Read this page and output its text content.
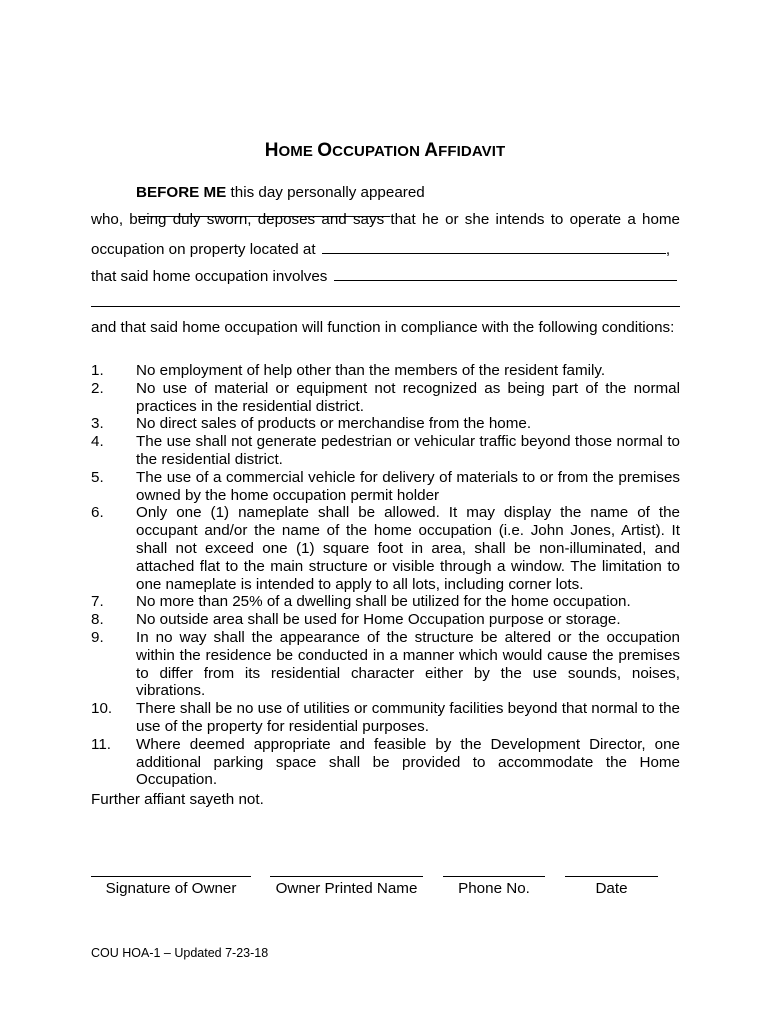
HOME OCCUPATION AFFIDAVIT
BEFORE ME this day personally appeared
who, being duly sworn, deposes and says that he or she intends to operate a home
occupation on property located at	,
that said home occupation involves
and that said home occupation will function in compliance with the following conditions:
1. No employment of help other than the members of the resident family.
2. No use of material or equipment not recognized as being part of the normal practices in the residential district.
3. No direct sales of products or merchandise from the home.
4. The use shall not generate pedestrian or vehicular traffic beyond those normal to the residential district.
5. The use of a commercial vehicle for delivery of materials to or from the premises owned by the home occupation permit holder
6. Only one (1) nameplate shall be allowed. It may display the name of the occupant and/or the name of the home occupation (i.e. John Jones, Artist). It shall not exceed one (1) square foot in area, shall be non-illuminated, and attached flat to the main structure or visible through a window. The limitation to one nameplate is intended to apply to all lots, including corner lots.
7. No more than 25% of a dwelling shall be utilized for the home occupation.
8. No outside area shall be used for Home Occupation purpose or storage.
9. In no way shall the appearance of the structure be altered or the occupation within the residence be conducted in a manner which would cause the premises to differ from its residential character either by the use sounds, noises, vibrations.
10. There shall be no use of utilities or community facilities beyond that normal to the use of the property for residential purposes.
11. Where deemed appropriate and feasible by the Development Director, one additional parking space shall be provided to accommodate the Home Occupation.
Further affiant sayeth not.
Signature of Owner	Owner Printed Name	Phone No.	Date
COU HOA-1 – Updated 7-23-18
